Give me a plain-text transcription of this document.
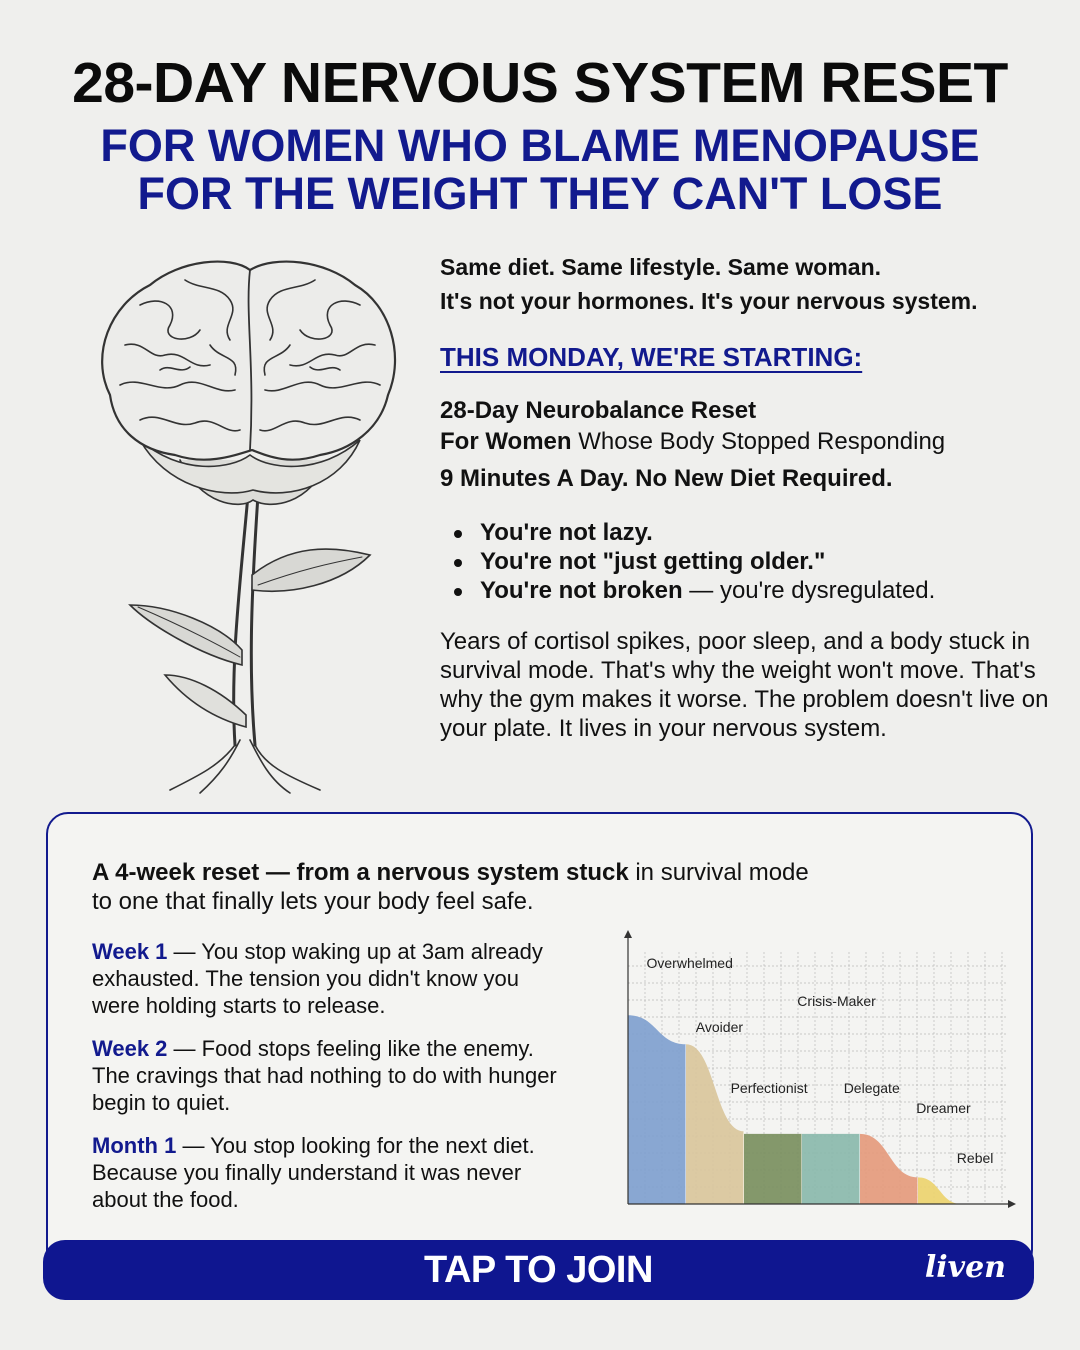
28-DAY NERVOUS SYSTEM RESET
FOR WOMEN WHO BLAME MENOPAUSE
FOR THE WEIGHT THEY CAN'T LOSE
Same diet. Same lifestyle. Same woman.
It's not your hormones. It's your nervous system.
THIS MONDAY, WE'RE STARTING:
28-Day Neurobalance Reset
For Women Whose Body Stopped Responding
9 Minutes A Day. No New Diet Required.
You're not lazy.
You're not "just getting older."
You're not broken — you're dysregulated.

Years of cortisol spikes, poor sleep, and a body stuck in survival mode. That's why the weight won't move. That's why the gym makes it worse. The problem doesn't live on your plate. It lives in your nervous system.

A 4-week reset — from a nervous system stuck in survival mode to one that finally lets your body feel safe.

Week 1 — You stop waking up at 3am already exhausted. The tension you didn't know you were holding starts to release.

Week 2 — Food stops feeling like the enemy. The cravings that had nothing to do with hunger begin to quiet.

Month 1 — You stop looking for the next diet. Because you finally understand it was never about the food.

Overwhelmed
Avoider
Perfectionist
Crisis-Maker
Delegate
Dreamer
Rebel
TAP TO JOIN	liven
